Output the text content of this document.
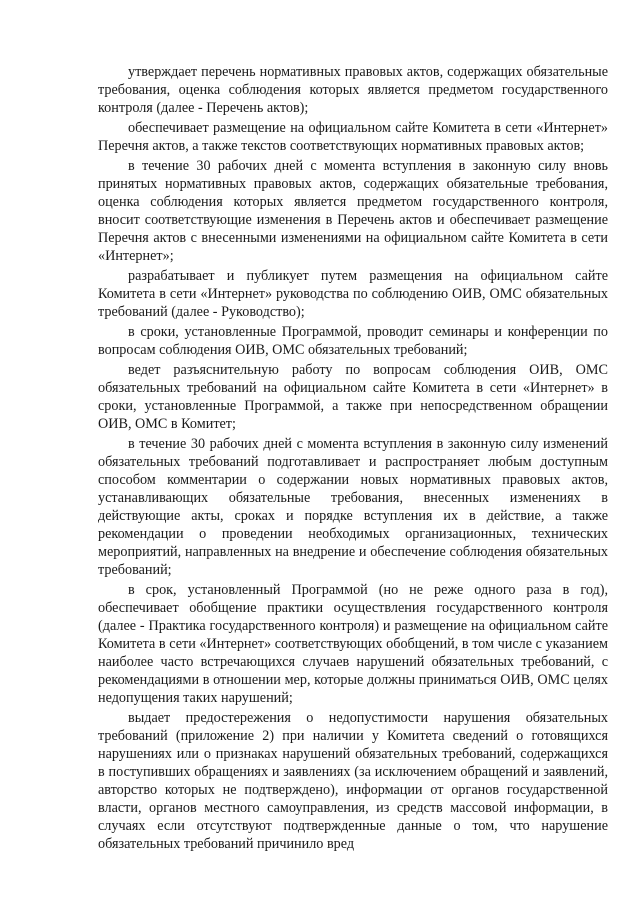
утверждает перечень нормативных правовых актов, содержащих обязательные требования, оценка соблюдения которых является предметом государственного контроля (далее - Перечень актов);

обеспечивает размещение на официальном сайте Комитета в сети «Интернет» Перечня актов, а также текстов соответствующих нормативных правовых актов;

в течение 30 рабочих дней с момента вступления в законную силу вновь принятых нормативных правовых актов, содержащих обязательные требования, оценка соблюдения которых является предметом государственного контроля, вносит соответствующие изменения в Перечень актов и обеспечивает размещение Перечня актов с внесенными изменениями на официальном сайте Комитета в сети «Интернет»;

разрабатывает и публикует путем размещения на официальном сайте Комитета в сети «Интернет» руководства по соблюдению ОИВ, ОМС обязательных требований (далее - Руководство);

в сроки, установленные Программой, проводит семинары и конференции по вопросам соблюдения ОИВ, ОМС обязательных требований;

ведет разъяснительную работу по вопросам соблюдения ОИВ, ОМС обязательных требований на официальном сайте Комитета в сети «Интернет» в сроки, установленные Программой, а также при непосредственном обращении ОИВ, ОМС в Комитет;

в течение 30 рабочих дней с момента вступления в законную силу изменений обязательных требований подготавливает и распространяет любым доступным способом комментарии о содержании новых нормативных правовых актов, устанавливающих обязательные требования, внесенных изменениях в действующие акты, сроках и порядке вступления их в действие, а также рекомендации о проведении необходимых организационных, технических мероприятий, направленных на внедрение и обеспечение соблюдения обязательных требований;

в срок, установленный Программой (но не реже одного раза в год), обеспечивает обобщение практики осуществления государственного контроля (далее - Практика государственного контроля) и размещение на официальном сайте Комитета в сети «Интернет» соответствующих обобщений, в том числе с указанием наиболее часто встречающихся случаев нарушений обязательных требований, с рекомендациями в отношении мер, которые должны приниматься ОИВ, ОМС целях недопущения таких нарушений;

выдает предостережения о недопустимости нарушения обязательных требований (приложение 2) при наличии у Комитета сведений о готовящихся нарушениях или о признаках нарушений обязательных требований, содержащихся в поступивших обращениях и заявлениях (за исключением обращений и заявлений, авторство которых не подтверждено), информации от органов государственной власти, органов местного самоуправления, из средств массовой информации, в случаях если отсутствуют подтвержденные данные о том, что нарушение обязательных требований причинило вред
